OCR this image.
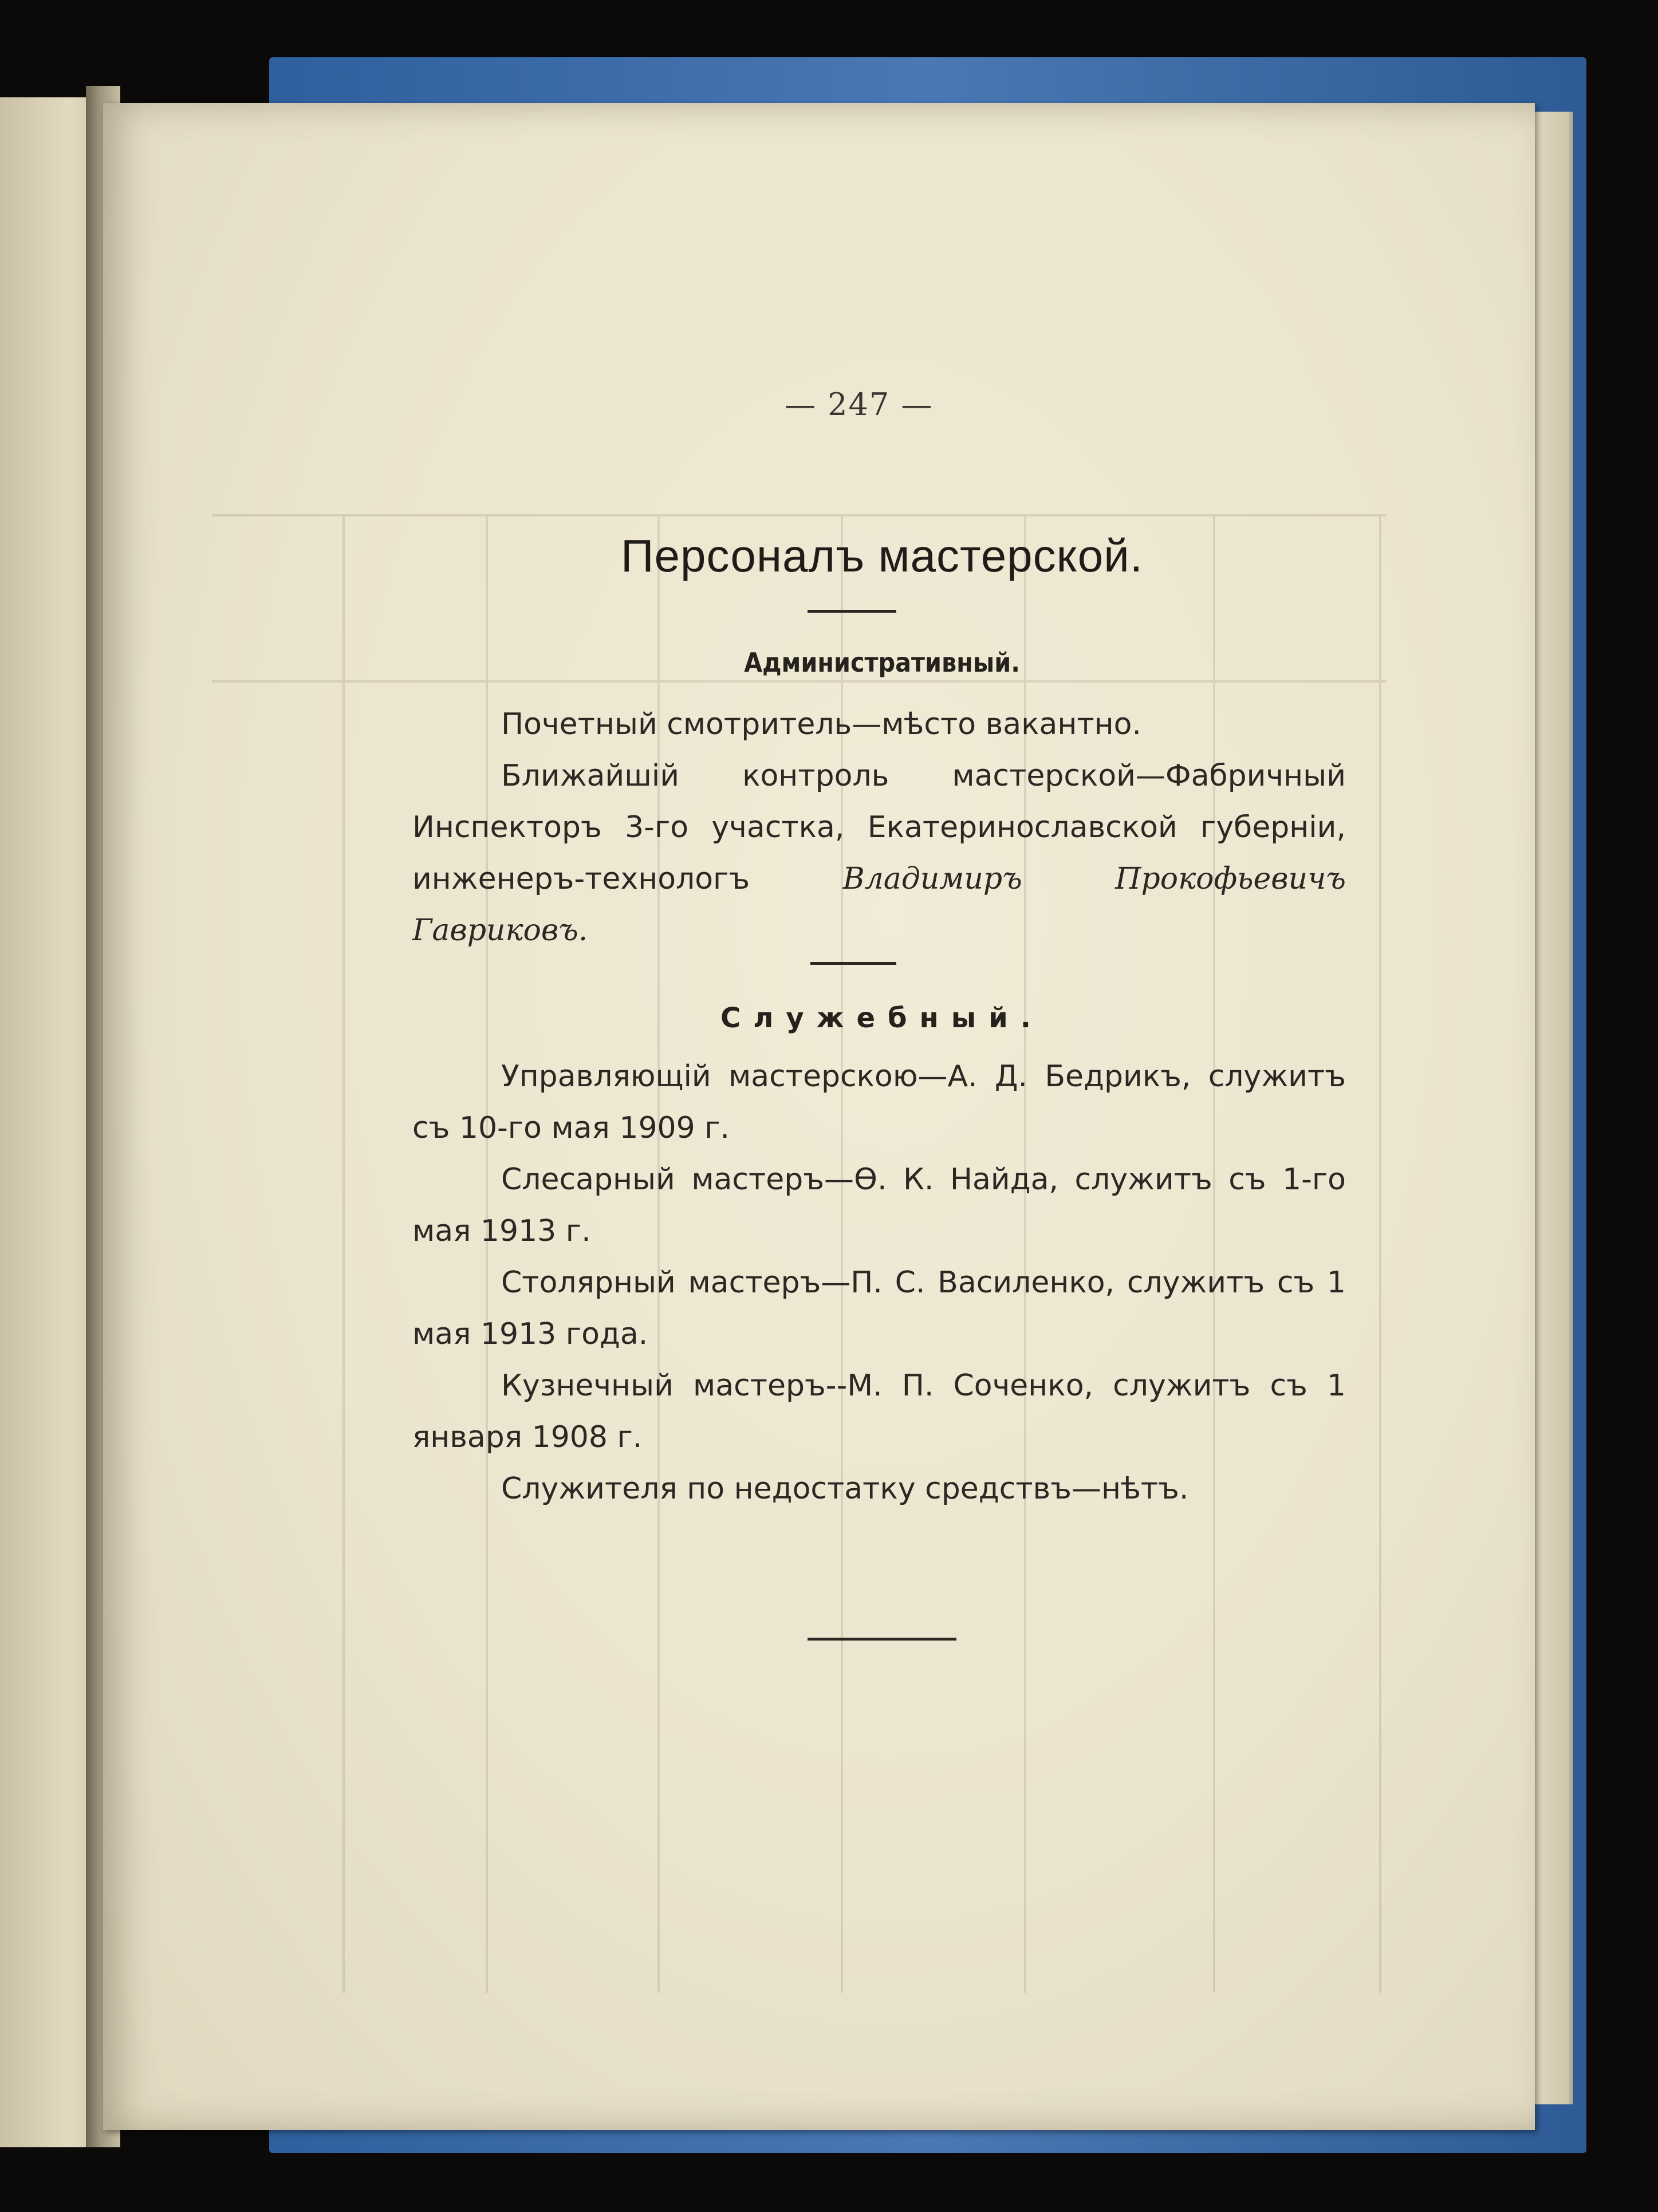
— 247 —
Персоналъ мастерской.
Административный.
Почетный смотритель—мѣсто вакантно.
Ближайшій контроль мастерской—Фабричный Инспекторъ 3-го участка, Екатеринославской губерніи, инженеръ-технологъ	Владимиръ Прокофьевичъ Гавриковъ.
Служебный.
Управляющій мастерскою—А. Д. Бедрикъ, служитъ съ 10-го мая 1909 г.
Слесарный мастеръ—Ѳ. К. Найда, служитъ съ 1-го мая 1913 г.
Столярный мастеръ—П. С. Василенко, служитъ съ 1 мая 1913 года.
Кузнечный мастеръ--М. П. Соченко, служитъ съ 1 января 1908 г.
Служителя по недостатку средствъ—нѣтъ.
